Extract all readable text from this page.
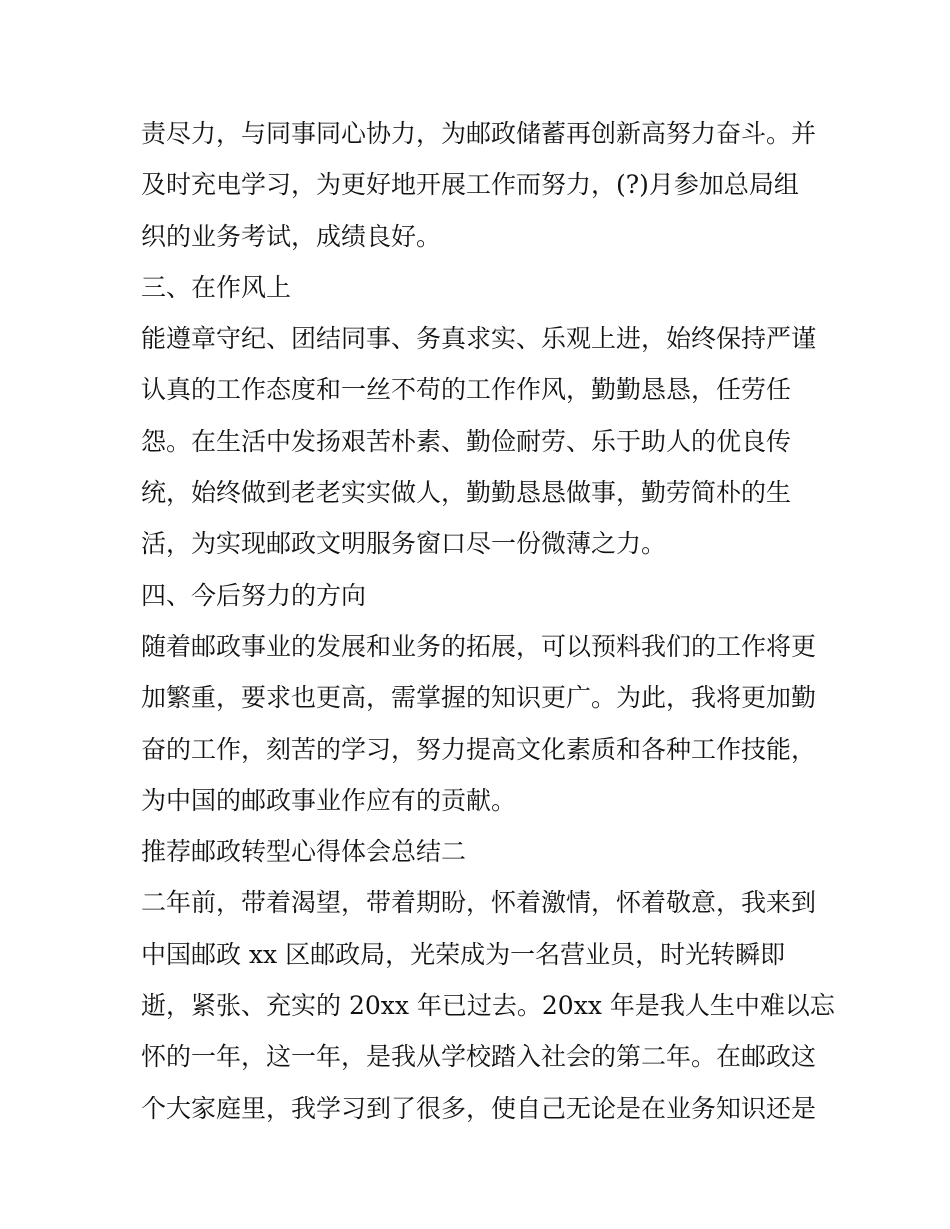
责尽力，与同事同心协力，为邮政储蓄再创新高努力奋斗。并
及时充电学习，为更好地开展工作而努力，(?)月参加总局组
织的业务考试，成绩良好。
三、在作风上
能遵章守纪、团结同事、务真求实、乐观上进，始终保持严谨
认真的工作态度和一丝不苟的工作作风，勤勤恳恳，任劳任
怨。在生活中发扬艰苦朴素、勤俭耐劳、乐于助人的优良传
统，始终做到老老实实做人，勤勤恳恳做事，勤劳简朴的生
活，为实现邮政文明服务窗口尽一份微薄之力。
四、今后努力的方向
随着邮政事业的发展和业务的拓展，可以预料我们的工作将更
加繁重，要求也更高，需掌握的知识更广。为此，我将更加勤
奋的工作，刻苦的学习，努力提高文化素质和各种工作技能，
为中国的邮政事业作应有的贡献。
推荐邮政转型心得体会总结二
二年前，带着渴望，带着期盼，怀着激情，怀着敬意，我来到
中国邮政 xx 区邮政局，光荣成为一名营业员，时光转瞬即
逝，紧张、充实的 20xx 年已过去。20xx 年是我人生中难以忘
怀的一年，这一年，是我从学校踏入社会的第二年。在邮政这
个大家庭里，我学习到了很多，使自己无论是在业务知识还是
